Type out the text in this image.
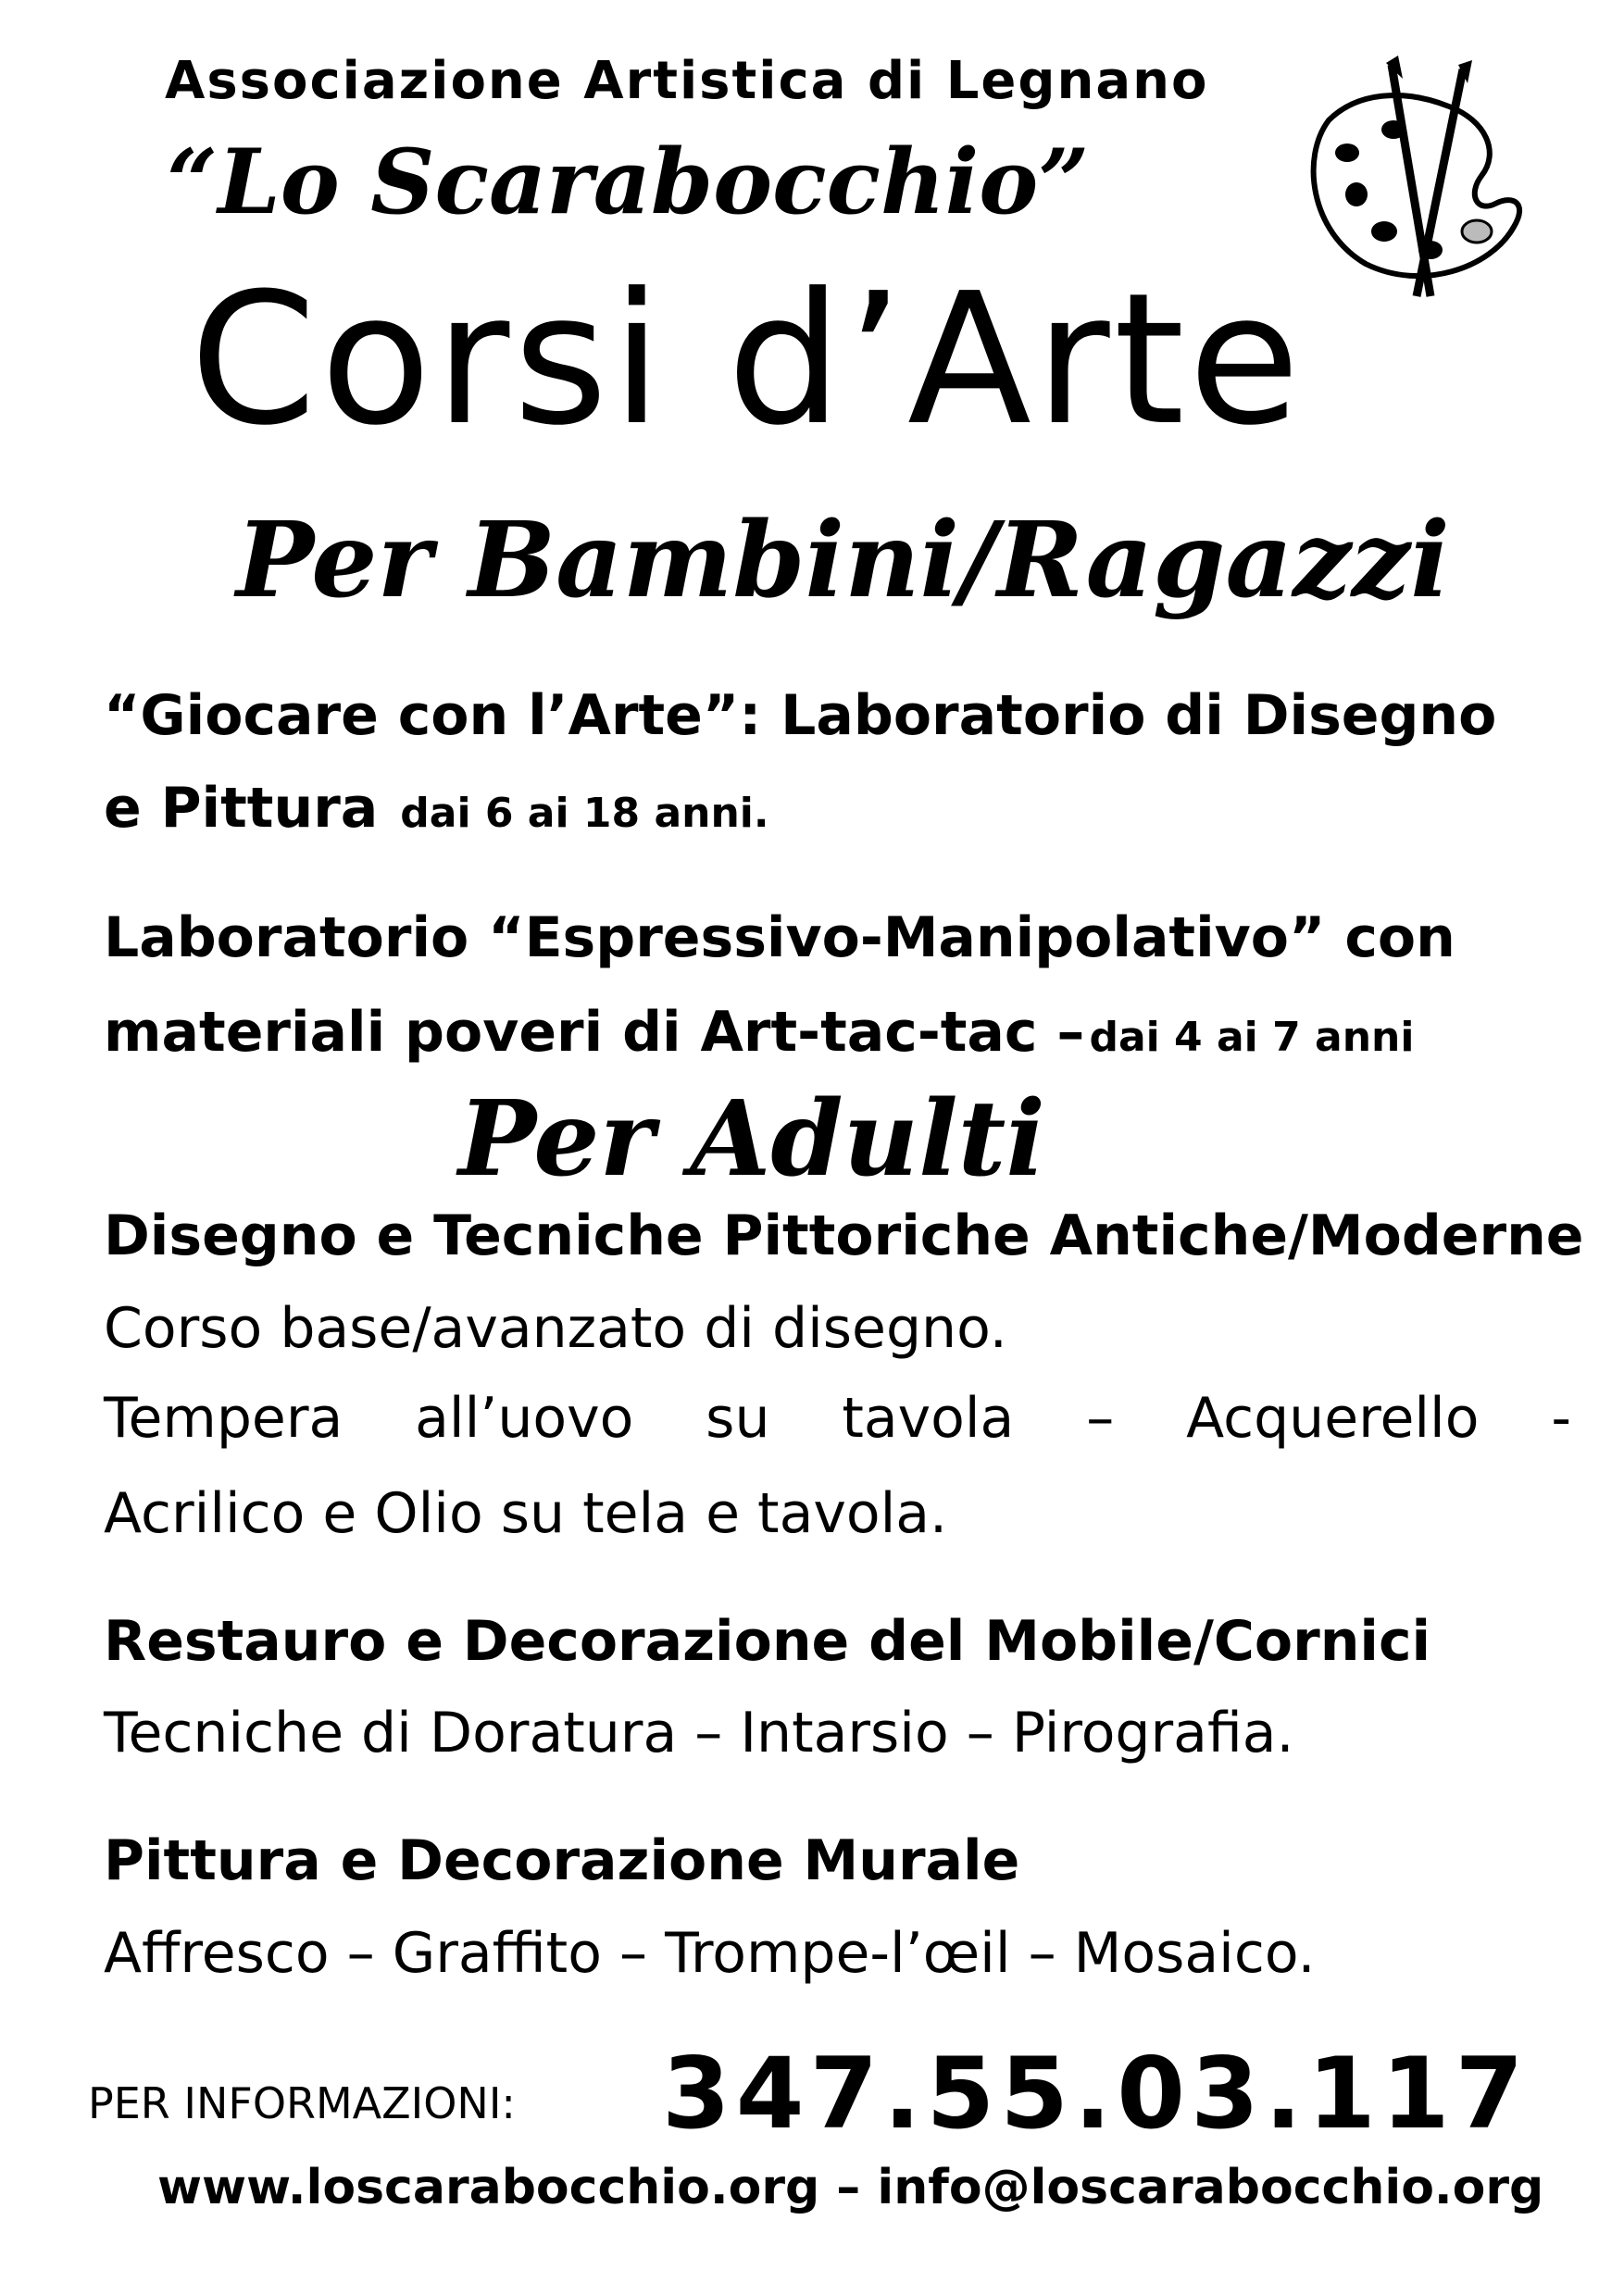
Associazione Artistica di Legnano
“Lo Scarabocchio”
Corsi d’Arte
Per Bambini/Ragazzi
“Giocare con l’Arte”: Laboratorio di Disegno
e Pittura dai 6 ai 18 anni.
Laboratorio “Espressivo-Manipolativo” con
materiali poveri di Art-tac-tac – dai 4 ai 7 anni
Per Adulti
Disegno e Tecniche Pittoriche Antiche/Moderne
Corso base/avanzato di disegno.
Tempera all’uovo su tavola – Acquerello -
Acrilico e Olio su tela e tavola.
Restauro e Decorazione del Mobile/Cornici
Tecniche di Doratura – Intarsio – Pirografia.
Pittura e Decorazione Murale
Affresco – Graffito – Trompe-l’œil – Mosaico.
PER INFORMAZIONI: 347.55.03.117
www.loscarabocchio.org – info@loscarabocchio.org
